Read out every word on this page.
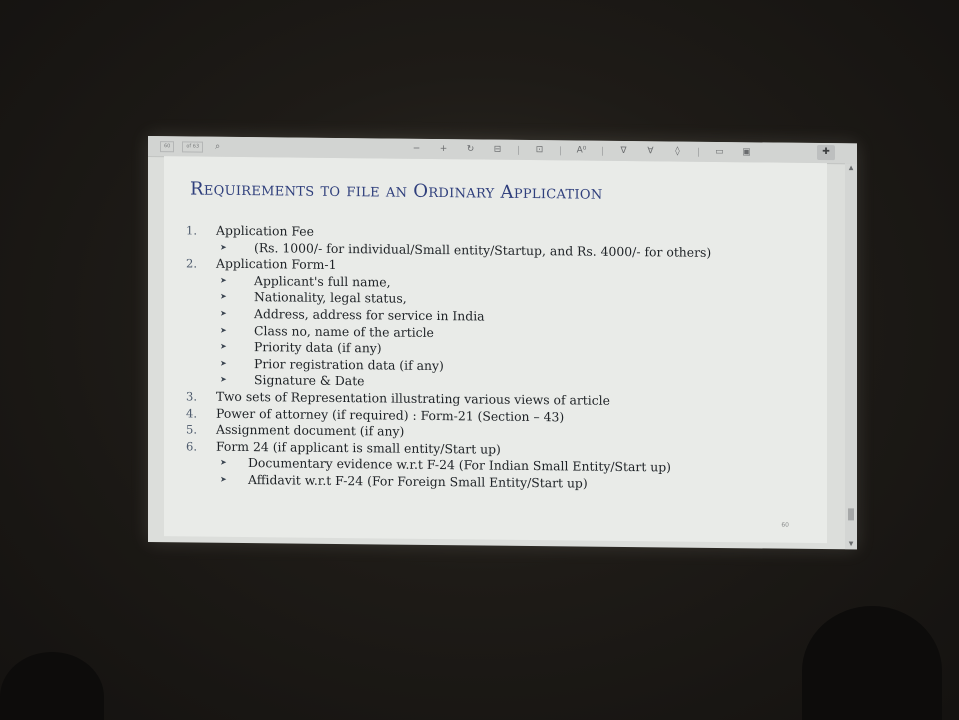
60	of 63	⌕	−	+	↻	⊟	⊡	A⁰	∇	∀	◊	▭ ▣	✚
Requirements to file an Ordinary Application
1. Application Fee
➤ (Rs. 1000/- for individual/Small entity/Startup, and Rs. 4000/- for others)
2. Application Form-1
➤ Applicant's full name,
➤ Nationality, legal status,
➤ Address, address for service in India
➤ Class no, name of the article
➤ Priority data (if any)
➤ Prior registration data (if any)
➤ Signature & Date
3. Two sets of Representation illustrating various views of article
4. Power of attorney (if required) : Form-21 (Section – 43)
5. Assignment document (if any)
6. Form 24 (if applicant is small entity/Start up)
➤ Documentary evidence w.r.t F-24 (For Indian Small Entity/Start up)
➤ Affidavit w.r.t F-24 (For Foreign Small Entity/Start up)
60
▲
▼
